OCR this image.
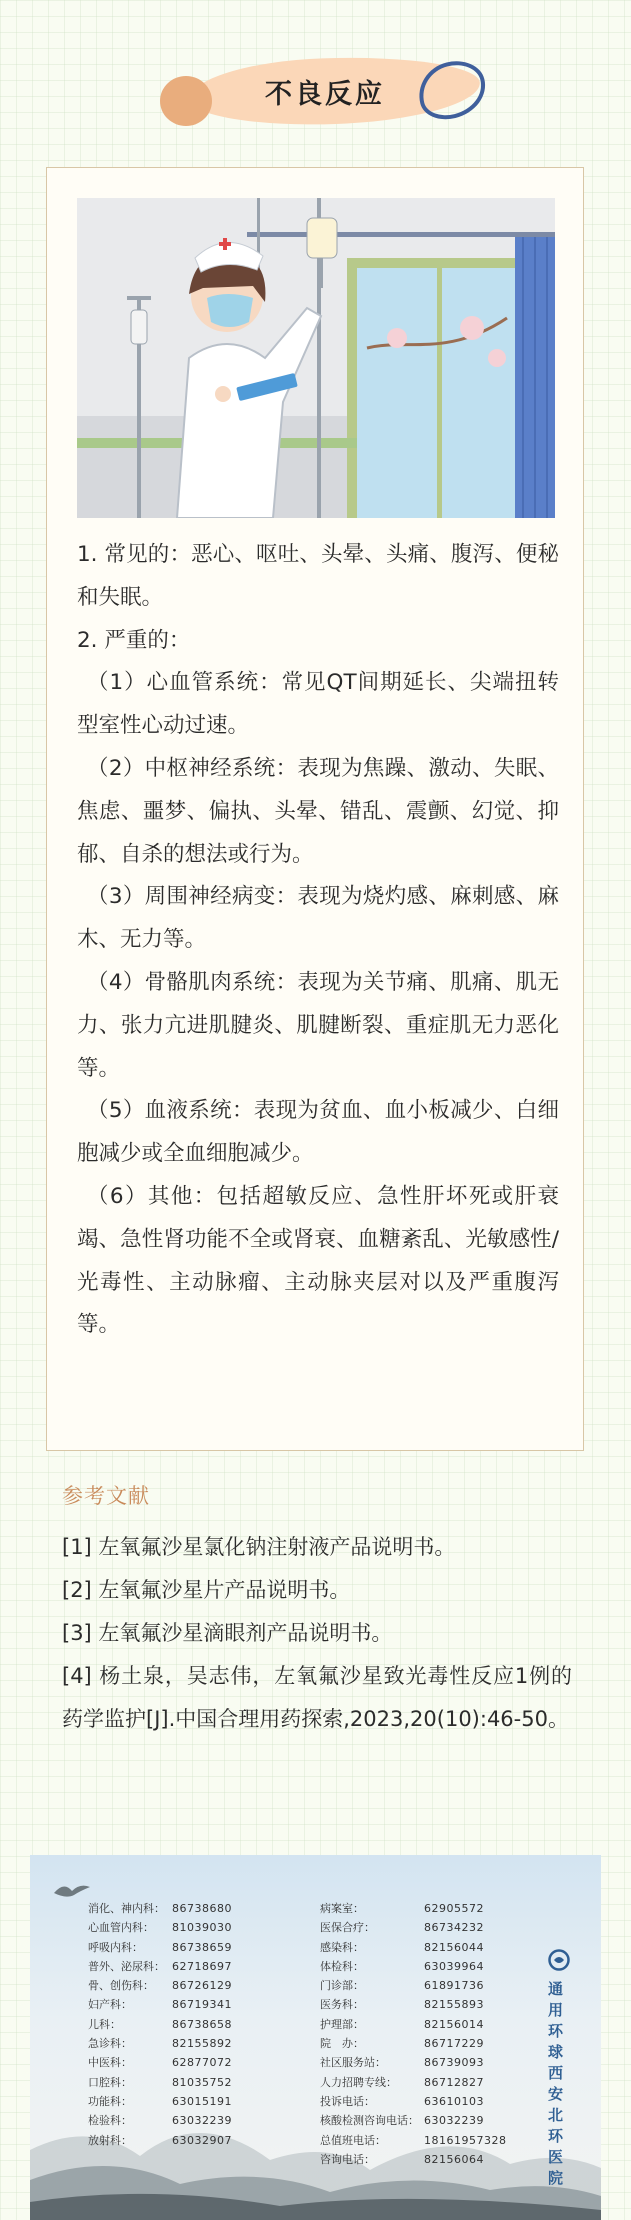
不良反应

1. 常见的：恶心、呕吐、头晕、头痛、腹泻、便秘和失眠。

2. 严重的：

（1）心血管系统：常见QT间期延长、尖端扭转型室性心动过速。

（2）中枢神经系统：表现为焦躁、激动、失眠、焦虑、噩梦、偏执、头晕、错乱、震颤、幻觉、抑郁、自杀的想法或行为。

（3）周围神经病变：表现为烧灼感、麻刺感、麻木、无力等。

（4）骨骼肌肉系统：表现为关节痛、肌痛、肌无力、张力亢进肌腱炎、肌腱断裂、重症肌无力恶化等。

（5）血液系统：表现为贫血、血小板减少、白细胞减少或全血细胞减少。

（6）其他：包括超敏反应、急性肝坏死或肝衰竭、急性肾功能不全或肾衰、血糖紊乱、光敏感性/光毒性、主动脉瘤、主动脉夹层对以及严重腹泻等。

参考文献
[1] 左氧氟沙星氯化钠注射液产品说明书。
[2] 左氧氟沙星片产品说明书。
[3] 左氧氟沙星滴眼剂产品说明书。
[4] 杨土泉，吴志伟，左氧氟沙星致光毒性反应1例的药学监护[J].中国合理用药探索,2023,20(10):46-50。
消化、神内科： 86738680
心血管内科：	81039030
呼吸内科：	86738659
普外、泌尿科： 62718697
骨、创伤科：	86726129
妇产科：	86719341
儿科：	86738658
急诊科：	82155892
中医科：	62877072
口腔科：	81035752
功能科：	63015191
检验科：	63032239
放射科：	63032907
病案室：	62905572
医保合疗：	86734232
感染科：	82156044
体检科：	63039964
门诊部：	61891736
医务科：	82155893
护理部：	82156014
院　办：	86717229
社区服务站：	86739093
人力招聘专线：	86712827
投诉电话：	63610103
核酸检测咨询电话： 63032239
总值班电话：	18161957328
咨询电话：	82156064
通用环球西安北环医院
